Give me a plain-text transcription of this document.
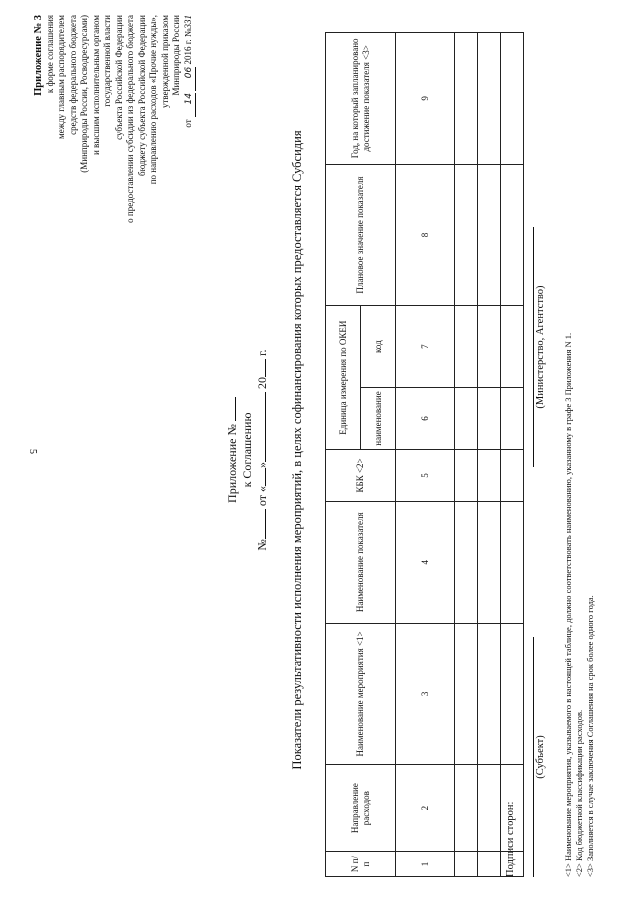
5
Приложение № 3 к форме соглашения между главным распорядителем средств федерального бюджета (Минприроды России, Росводресурсами) и высшим исполнительным органом государственной власти субъекта Российской Федерации о предоставлении субсидии из федерального бюджета бюджету субъекта Российской Федерации по направлению расходов «Прочие нужды», утвержденной приказом Минприроды России
от 14 06 2016 г. №331
Приложение № к Соглашению
№ от «» 20 г. Показатели результативности исполнения мероприятий, в целях софинансирования которых предоставляется Субсидия
N п/п	Направление расходов	Наименование мероприятия <1>	Наименование показателя	КБК <2>	Единица измерения по ОКЕИ		Плановое значение показателя	Год, на который запланировано достижение показателя <3>
					наименование	код		
1	2	3	4	5	6	7	8	9

Подписи сторон:
(Субъект)
(Министерство, Агентство) <1> Наименование мероприятия, указываемого в настоящей таблице, должно соответствовать наименованию, указанному в графе 3 Приложения N 1. <2> Код бюджетной классификации расходов. <3> Заполняется в случае заключения Соглашения на срок более одного года.
